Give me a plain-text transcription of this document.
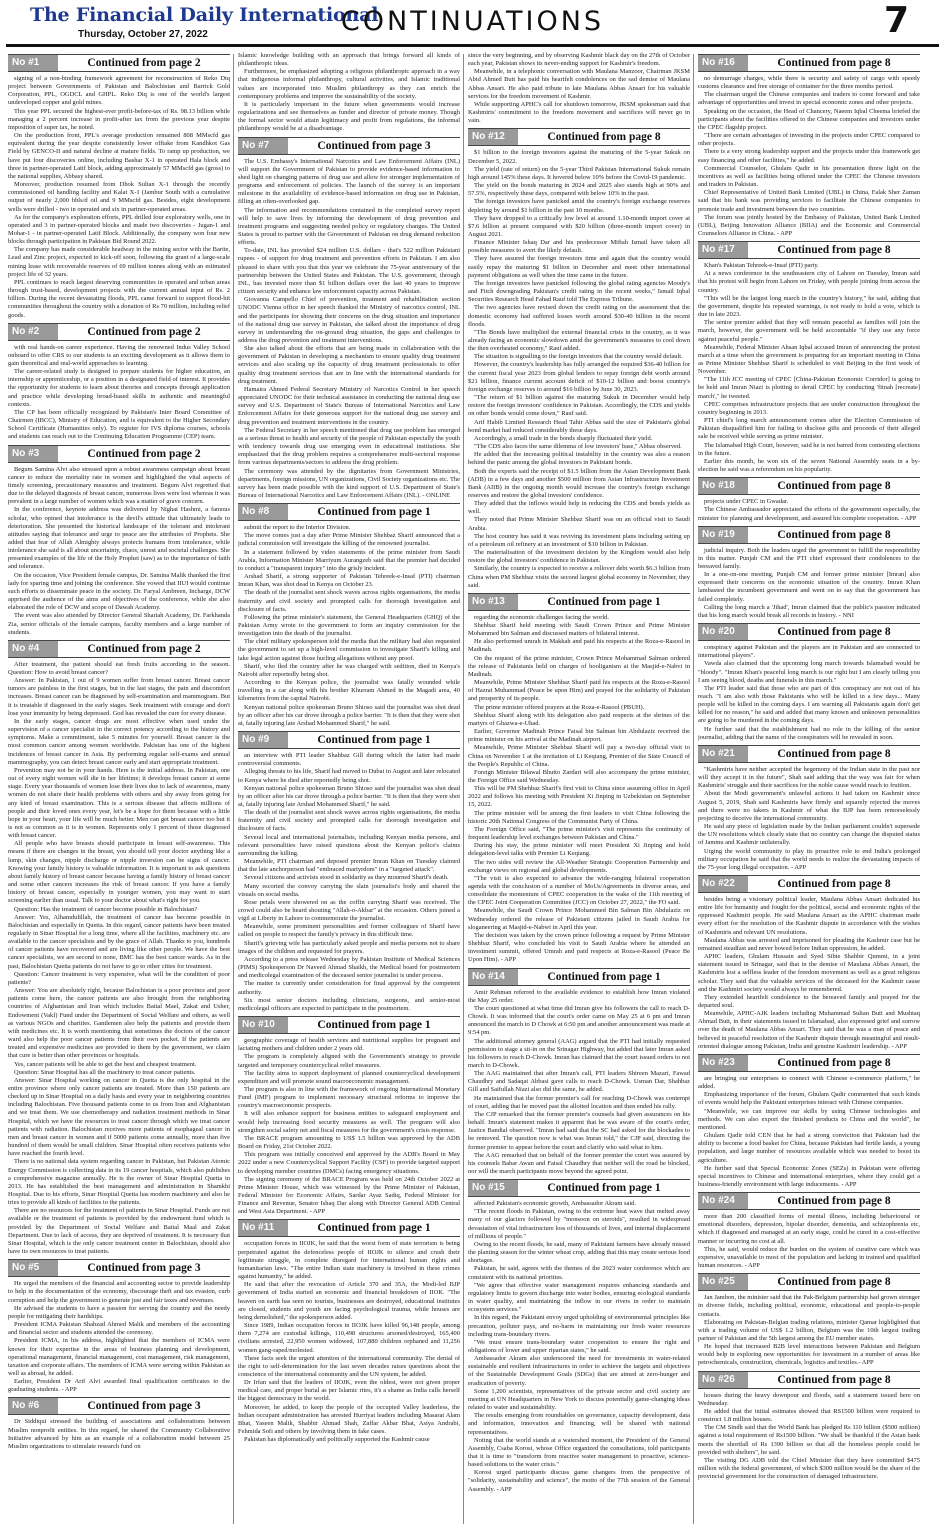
The Financial Daily International
Thursday, October 27, 2022	CONTINUATIONS	7
No #1	Continued from page 2

signing of a non-binding framework agreement for reconstruction of Reko Diq project between Governments of Pakistan and Balochistan and Barrick Gold Corporation, PPL, OGDCL and GHPL. Reko Diq is one of the world's largest undeveloped copper and gold mines.

This year PPL secured the highest-ever profit-before-tax of Rs. 98.13 billion while managing a 2 percent increase in profit-after tax from the previous year despite imposition of super tax, he noted.

On the production front, PPL's average production remained 808 MMscfd gas equivalent during the year despite consistently lower offtake from Kandhkot Gas Field by GENCO-II and natural decline at mature fields. To ramp up production, we have put four discoveries online, including Bashar X-1 in operated Hala block and three in partner-operated Latif block, adding approximately 57 MMscfd gas (gross) to the national supplies, Abbasy shared.

Moreover, production resumed from Dhok Sultan X-1 through the recently commissioned oil handling facility and Kalat X-1 (Jambur South with a cumulative output of nearly 2,000 bbls/d oil and 9 MMscfd gas. Besides, eight development wells were drilled - two in operated and six in partner-operated areas.

As for the company's exploration efforts, PPL drilled four exploratory wells, one in operated and 3 in partner-operated blocks and made two discoveries - Jugan-1 and Mohar-1 - in partner-operated Latif Block. Additionally, the company won four new blocks through participation in Pakistan Bid Round 2022.

The company has made considerable headway in the mining sector with the Barite, Lead and Zinc project, expected to kick-off soon, following the grant of a large-scale mining lease with recoverable reserves of 69 million tonnes along with an estimated project life of 32 years.

PPL continues to reach largest deserving communities in operated and urban areas through trust-based, development projects with the current annual input of Rs. 2 billion. During the recent devastating floods, PPL came forward to support flood-hit communities throughout the country with a donation of Rs 70 million, including relief goods.

No #2	Continued from page 2

with real hands-on career experience. Having the renowned Indus Valley School onboard to offer CRS to our students is an exciting development as it allows them to gain theoretical and real-world approaches to learning.

The career-related study is designed to prepare students for higher education, an internship or apprenticeship, or a position in a designated field of interest. It provides the opportunity for students to learn about theories and concepts through application and practice while developing broad-based skills in authentic and meaningful contexts.

The CP has been officially recognized by Pakistan's Inter Board Committee of Chairmen (IBCC), Ministry of Education, and is equivalent to the Higher Secondary School Certificate (Humanities only). To register for IVS diploma courses, schools and students can reach out to the Continuing Education Programme (CEP) team.

No #3	Continued from page 2

Begum Samina Alvi also stressed upon a robust awareness campaign about breast cancer to reduce the mortality rate in women and highlighted the vital aspects of timely screening, precautionary measures and treatment. Begum Alvi regretted that due to the delayed diagnosis of breast cancer, numerous lives were lost whereas it was prevalent in a large number of women which was a matter of grave concern.

In the conference, keynote address was delivered by Nighat Hashmi, a famous scholar, who opined that intolerance is the devil's attitude that ultimately leads to deterioration. She presented the historical landscape of the tolerant and intolerant attitudes saying that tolerance and urge to peace are the attributes of Prophets. She added that fear of Allah Almighty always protects humans from intolerance, while intolerance she said is all about uncertainty, chaos, unrest and societal challenges. She presented examples of the life of the Holy Prophet (saw) as to the importance of faith and tolerance.

On the occasion, Vice President female campus, Dr. Samina Malik thanked the first lady for sparing time and joining the conference. She vowed that IIUI would continue such efforts to disseminate peace in the society. Dr. Faryal Ambreen, Incharge, DCW apprised the audience of the aims and objectives of the conference, while she also elaborated the role of DCW and scope of Dawah Academy.

The event was also attended by Director General Shariah Academy, Dr. Farkhanda Zia, senior officials of the female campus, faculty members and a large number of students.

No #4	Continued from page 2

After treatment, the patient should eat fresh fruits according to the season. Question: How to avoid breast cancer?

Answer: In Pakistan, 1 out of 9 women suffer from breast cancer. Breast cancer tumors are painless in the first stages, but in the last stages, the pain and discomfort increases. Breast cancer can be diagnosed by self-examination and mammogram. But it is treatable if diagnosed in the early stages. Seek treatment with courage and don't lose your immunity by being depressed. God has revealed the cure for every disease.

In the early stages, cancer drugs are most effective when used under the supervision of a cancer specialist in the correct potency according to the history and symptoms. Make a commitment, take 5 minutes for yourself. Breast cancer is the most common cancer among women worldwide. Pakistan has one of the highest incidences of breast cancer in Asia. By performing regular self-exams and annual mammography, you can detect breast cancer early and start appropriate treatment.

Prevention may not be in your hands. Here is the initial address. In Pakistan, one out of every eight women will die in her lifetime; it develops breast cancer at some stage. Every year thousands of women lose their lives due to lack of awareness, many women do not share their health problems with others and shy away from going for any kind of breast examination. This is a serious disease that affects millions of people and their loved ones every year, let's be a hope for them because with a little hope in your heart, your life will be much better. Men can get breast cancer too but it is not as common as it is in women. Represents only 1 percent of those diagnosed with breast cancer.

All people who have breasts should participate in breast self-awareness. This means if there are changes in the breast, you should tell your doctor anything like a lump, skin changes, nipple discharge or nipple inversion can be signs of cancer. Knowing your family history is valuable information. It is important to ask questions about family history of breast cancer because having a family history of breast cancer and some other cancers increases the risk of breast cancer. If you have a family history of breast cancer, especially in younger women, you may want to start screening earlier than usual. Talk to your doctor about what's right for you.

Question: Has the treatment of cancer become possible in Balochistan?

Answer: Yes, Alhamdulillah, the treatment of cancer has become possible in Balochistan and especially in Quetta. In this regard, cancer patients have been treated regularly in Sinar Hospital for a long time, where all the facilities, machinery etc. are available to the cancer specialists and by the grace of Allah. Thanks to you, hundreds of cancer patients have recovered and are living like other people. We have the best cancer specialists, we are second to none, BMC has the best cancer wards. As in the past, Balochistan Quetta patients do not have to go to other cities for treatment.

Question: Cancer treatment is very expensive, what will be the condition of poor patients?

Answer: You are absolutely right, because Balochistan is a poor province and poor patients come here, the cancer patients are also brought from the neighboring countries of Afghanistan and Iran which includes Baital Mael, Zakat and Usher, Endowment (Vakf) Fund under the Department of Social Welfare and others, as well as various NGOs and charities. Gantlemen also help the patients and provide them with medicines etc. It is worth mentioning that sometimes the doctors of the cancer ward also help the poor cancer patients from their own pocket. If the patients are treated and expensive medicines are provided to them by the government, we claim that cure is better than other provinces or hospitals.

Yes, cancer patients will be able to get the best and cheapest treatment.

Question: Sinar Hospital has all the machinery to treat cancer patients.

Answer: Sinar Hospital working on cancer in Quetta is the only hospital in the entire province where only cancer patients are treated. More than 150 patients are checked up in Sinar Hospital on a daily basis and every year in neighboring countries including Balochistan. Five thousand patients come to us from Iran and Afghanistan and we treat them. We use chemotherapy and radiation treatment methods in Sinar Hospital, which we have the resources to treat cancer through which we treat cancer patients with radiation. Balochistan receives more patients of esophageal cancer in men and breast cancer in women and if 5000 patients come annually, more than five hundred of them would be small children. Sinar Hospital often receives patients who have reached the fourth level.

There is no national data system regarding cancer in Pakistan, but Pakistan Atomic Energy Commission is collecting data in its 19 cancer hospitals, which also publishes a comprehensive magazine annually. He is the owner of Sinar Hospital Quetta in 2013. He has established the best management and administration in Shamkhi Hospital. Due to his efforts, Sinar Hospital Quetta has modern machinery and also he tries to provide all kinds of facilities to the patients.

There are no resources for the treatment of patients in Sinar Hospital. Funds are not available or the treatment of patients is provided by the endowment fund which is provided by the Department of Social Welfare and Baital Maal and Zakat Department. Due to lack of access, they are deprived of treatment. It is necessary that Sinar Hospital, which is the only cancer treatment center in Balochistan, should also have its own resources to treat patients.

No #5	Continued from page 3

He urged the members of the financial and accounting sector to provide leadership to help in the documentation of the economy, discourage theft and tax evasion, curb corruption and help the government to generate just and fair taxes and revenues.

He advised the students to have a passion for serving the country and the needy people for mitigating their hardships.

President ICMA Pakistan Shahzad Ahmed Malik and members of the accounting and financial sector and students attended the ceremony.

President ICMA, in his address, highlighted that the members of ICMA were known for their expertise in the areas of business planning and development, operational management, financial management, cost management, risk management, taxation and corporate affairs. The members of ICMA were serving within Pakistan as well as abroad, he added.

Earlier, President Dr Arif Alvi awarded final qualification certificates to the graduating students. - APP

No #6	Continued from page 3

Dr Siddiqui stressed the building of associations and collaborations between Muslim nonprofit entities. In this regard, he shared the Community Collaborative Initiative advanced by him as an example of a collaboration model between 25 Muslim organizations to stimulate research fund on

Islamic knowledge building with an approach that brings forward all kinds of philanthropic ideas.

Furthermore, he emphasized adopting a religious philanthropic approach in a way that indigenous informal philanthropy, cultural activities, and Islamic traditional values are incorporated into Muslim philanthropy as they can enrich the contemporary problems and improve the sustainability of the society.

It is particularly important in the future when governments would increase regularizations and see themselves as funder and director of private money. Though the formal sector would attain legitimacy and profit from regulations, the informal philanthropy would be at a disadvantage.

No #7	Continued from page 3

The U.S. Embassy's International Narcotics and Law Enforcement Affairs (INL) will support the Government of Pakistan to provide evidence-based information to shed light on changing patterns of drug use and allow for stronger implementation of programs and enforcement of policies. The launch of the survey is an important milestone in the availability of evidence-based information on drug use in Pakistan, filling an often-overlooked gap.

The information and recommendations contained in the completed survey report will help to save lives by informing the development of drug prevention and treatment programs and suggesting needed policy or regulatory changes. The United States is proud to partner with the Government of Pakistan on drug demand reduction efforts.

To-date, INL has provided $24 million U.S. dollars - that's 522 million Pakistani rupees - of support for drug treatment and prevention efforts in Pakistan. I am also pleased to share with you that this year we celebrate the 75-year anniversary of the partnership between the United States and Pakistan. The U.S. government, through INL, has invested more than $1 billion dollars over the last 40 years to improve citizen security and enhance law enforcement capacity across Pakistan.

Giovanna Campello Chief of prevention, treatment and rehabilitation section UNODC Vienna office in her speech thanked the Ministry of narcotics control, INL and the participants for showing their concerns on the drug situation and importance of the national drug use survey in Pakistan, she talked about the importance of drug survey in understanding the on-ground drug situation, the gaps and challenges to address the drug prevention and treatment interventions.

She also talked about the efforts that are being made in collaboration with the government of Pakistan in developing a mechanism to ensure quality drug treatment services and also scaling up the capacity of drug treatment professionals to offer quality drug treatment services that are in line with the international standards for drug treatment.

Hamaira Ahmed Federal Secretary Ministry of Narcotics Control in her speech appreciated UNODC for their technical assistance in conducting the national drug use survey and U.S. Department of State's Bureau of International Narcotics and Law Enforcement Affairs for their generous support for the national drug use survey and drug prevention and treatment interventions in the country.

The Federal Secretary in her speech mentioned that drug use problem has emerged as a serious threat to health and security of the people of Pakistan especially the youth with tendency towards drug use emerging even in educational institutions. She emphasized that the drug problem requires a comprehensive multi-sectoral response from various departments/sectors to address the drug problem.

The ceremony was attended by the dignitaries from Government Ministries, departments, foreign missions, UN organizations, Civil Society organizations etc. The survey has been made possible with the kind support of U.S. Department of State's Bureau of International Narcotics and Law Enforcement Affairs (INL). - ONLINE

No #8	Continued from page 1

submit the report to the Interior Division.

The move comes just a day after Prime Minister Shehbaz Sharif announced that a judicial commission will investigate the killing of the renowned journalist.

In a statement followed by video statements of the prime minister from Saudi Arabia, Information Minister Marriyum Aurangzeb said that the premier had decided to conduct a "transparent inquiry" into the grisly incident.

Arshad Sharif, a strong supporter of Pakistan Tehreek-e-Insaf (PTI) chairman Imran Khan, was shot dead in Kenya on October 23.

The death of the journalist sent shock waves across rights organisations, the media fraternity and civil society and prompted calls for thorough investigation and disclosure of facts.

Following the prime minister's statement, the General Headquarters (GHQ) of the Pakistan Army wrote to the government to form an inquiry commission for the investigation into the death of the journalist.

The chief military spokesperson told the media that the military had also requested the government to set up a high-level commission to investigate Sharif's killing and take legal action against those hurling allegations without any proof.

Sharif, who fled the country after he was charged with sedition, died in Kenya's Nairobi after reportedly being shot.

According to the Kenyan police, the journalist was fatally wounded while travelling in a car along with his brother Khurram Ahmed in the Magadi area, 40 kilometres from the capital Nairobi.

Kenyan national police spokesman Bruno Shioso said the journalist was shot dead by an officer after his car drove through a police barrier. "It is then that they were shot at, fatally injuring late Arshad Mohammed Sharif," he said.

No #9	Continued from page 1

an interview with PTI leader Shahbaz Gill during which the latter had made controversial comments.

Alleging threats to his life, Sharif had moved to Dubai in August and later relocated to Kenya where he died after reportedly being shot.

Kenyan national police spokesman Bruno Shioso said the journalist was shot dead by an officer after his car drove through a police barrier. "It is then that they were shot at, fatally injuring late Arshad Mohammed Sharif," he said.

The death of the journalist sent shock waves across rights organisations, the media fraternity and civil society and prompted calls for thorough investigation and disclosure of facts.

Several local and international journalists, including Kenyan media persons, and relevant personalities have raised questions about the Kenyan police's claims surrounding the killing.

Meanwhile, PTI chairman and deposed premier Imran Khan on Tuesday claimed that the late anchorperson had "embraced martyrdom" in a "targeted attack".

Several citizens and activists stood in solidarity as they mourned Sharif's death.

Many escorted the convoy carrying the slain journalist's body and shared the visuals on social media.

Rose petals were showered on as the coffin carrying Sharif was received. The crowd could also be heard shouting "Allah-o-Akbar" at the occasion. Others joined a vigil at Liberty in Lahore to commemorate the journalist.

Meanwhile, some prominent personalities and former colleagues of Sharif have called on people to respect the family's privacy in this difficult time.

Sharif's grieving wife has particularly asked people and media persons not to share images of the children and requested for prayers.

According to a press release Wednesday by Pakistan Institute of Medical Sciences (PIMS) Spokesperson Dr Naveed Ahmad Shaikh, the Medical board for postmortem and medicolegal examination of the deceased senior journalist is under process.

The matter is currently under consideration for final approval by the competent authority.

Six most senior doctors including clinicians, surgeons, and senior-most medicolegal officers are expected to participate in the postmortem.

No #10	Continued from page 1

geographic coverage of health services and nutritional supplies for pregnant and lactating mothers and children under 2 years old.

The program is completely aligned with the Government's strategy to provide targeted and temporary countercyclical relief measures.

The facility aims to support deployment of planned countercyclical development expenditure and will promote sound macroeconomic management.

The program is also in line with the framework of ongoing International Monetary Fund (IMF) program to implement necessary structural reforms to improve the country's macroeconomic prospects.

It will also enhance support for business entities to safeguard employment and would help increasing food security measures as well. The program will also strengthen social safety net and fiscal measures for the government's crisis response.

The BRACE program amounting to US$ 1.5 billion was approved by the ADB Board on Friday, 21st October 2022.

This program was initially conceived and approved by the ADB's Board in May 2022 under a new Countercyclical Support Facility (CSF) to provide targeted support to developing member countries (DMCs) facing emergency situations.

The signing ceremony of the BRACE Program was held on 24th October 2022 at Prime Minister House, which was witnessed by the Prime Minister of Pakistan, Federal Minister for Economic Affairs, Sardar Ayaz Sadiq, Federal Minister for Finance and Revenue, Senator Ishaq Dar along with Director General ADB Central and West Asia Department. - APP

No #11	Continued from page 1

occupation forces in IIOJK, he said that the worst form of state terrorism is being perpetrated against the defenceless people of IIOJK to silence and crush their legitimate struggle, in complete disregard for international human rights and humanitarian laws. "The entire Indian state machinery is involved in these crimes against humanity," he added.

He said that after the revocation of Article 370 and 35A, the Modi-led BJP government of India started an economic and financial breakdown of IIOK. "The heaven on earth has seen no tourists, businesses are destroyed, educational institutes are closed, students and youth are facing psychological trauma, while houses are being demolished," the spokesperson added.

Since 1989, Indian occupation forces in IIOJK have killed 96,148 people, among them 7,274 are custodial killings, 110,498 structures arsoned/destroyed, 165,400 civilians arrested, 22,950 women widowed, 107,880 children orphaned and 11,256 women gang-raped/molested.

These facts seek the urgent attention of the international community. The denial of the right to self-determination for the last seven decades raises questions about the conscience of the international community and the UN system, he added.

Dr Irfan said that the leaders of IIOJK, even the oldest, were not given proper medical care, and proper burial as per Islamic rites, it's a shame as India calls herself the biggest democracy in the world.

Moreover, he added, to keep the people of the occupied Valley leaderless, the Indian occupant administration has arrested Hurriyat leaders including Masarat Alam Bhat, Yaseen Malik, Shabbir Ahmad Shah, Zaffar Akbar Bhat, Asiya Andrabi, Fehmida Sofi and others by involving them in fake cases.

Pakistan has diplomatically and politically supported the Kashmir cause

since the very beginning, and by observing Kashmir black day on the 27th of October each year, Pakistan shows its never-ending support for Kashmir's freedom.

Meanwhile, in a telephonic conversation with Maulana Manzoor, Chairman JKSM Abid Ahmed Butt has paid his heartfelt condolences on the sad demise of Maulana Abbas Ansari. He also paid tribute to late Maulana Abbas Ansari for his valuable services for the freedom movement of Kashmir.

While supporting APHC's call for shutdown tomorrow, JKSM spokesman said that Kashmiris' commitment to the freedom movement and sacrifices will never go in vain.

No #12	Continued from page 8

$1 billion to the foreign investors against the maturing of the 5-year Sukuk on December 5, 2022.

The yield (rate of return) on the 5-year Third Pakistan International Sukuk remain high around 145% these days. It hovered below 10% before the Covid-19 pandemic.

The yield on the bonds maturing in 2024 and 2025 also stands high at 90% and 57.5%, respectively these days, compared with below 10% in the past.

The foreign investors have panicked amid the country's foreign exchange reserves depleting by around $1 billion in the past 10 months.

They have dropped to a critically low level at around 1.10-month import cover at $7.6 billion at present compared with $20 billion (three-month import cover) in August 2021.

Finance Minister Ishaq Dar and his predecessor Miftah Ismail have taken all possible measures to avert the likely default.

They have assured the foreign investors time and again that the country would easily repay the maturing $1 billion in December and meet other international payment obligations as well when the time came in the future.

The foreign investors have panicked following the global rating agencies Moody's and Fitch downgrading Pakistan's credit rating in the recent weeks," Ismail Iqbal Securities Research Head Fahad Rauf told The Express Tribune.

The two agencies have revised down the credit rating on the assessment that the domestic economy had suffered losses worth around $30-40 billion in the recent floods.

"The Bonds have multiplied the external financial crisis in the country, as it was already facing an economic slowdown amid the government's measures to cool down the then overheated economy," Rauf added.

The situation is signalling to the foreign investors that the country would default.

However, the country's leadership has fully arranged the required $36-40 billion for the current fiscal year 2023 from global lenders to repay foreign debt worth around $21 billion, finance current account deficit of $10-12 billion and boost country's foreign exchange reserves to around $16 billion by June 30, 2023.

"The return of $1 billion against the maturing Sukuk in December would help restore the foreign investors' confidence in Pakistan. Accordingly, the CDS and yields on other bonds would come down," Rauf said.

Arif Habib Limited Research Head Tahir Abbas said the size of Pakistan's global bond market had reduced considerably these days.

Accordingly, a small trade in the bonds sharply fluctuated their yield.

"The CDS also faces the same dilemma of low investors' base," Abbas observed.

He added that the increasing political instability in the country was also a reason behind the panic among the global investors in Pakistani bonds.

Both the experts said the receipt of $1.5 billion from the Asian Development Bank (ADB) in a few days and another $500 million from Asian Infrastructure Investment Bank (AIIB) in the ongoing month would increase the country's foreign exchange reserves and restore the global investors' confidence.

They added that the inflows would help in reducing the CDS and bonds yields as well.

They noted that Prime Minister Shehbaz Sharif was on an official visit to Saudi Arabia.

The host country has said it was reviving its investment plans including setting up of a petroleum oil refinery at an investment of $10 billion in Pakistan.

The materialisation of the investment decision by the Kingdom would also help restore the global investors' confidence in Pakistan.

Similarly, the country is expected to receive a rollover debt worth $6.3 billion from China when PM Shehbaz visits the second largest global economy in November, they said.

No #13	Continued from page 1

regarding the economic challenges facing the world.

Shehbaz Sharif held meeting with Saudi Crown Prince and Prime Minister Mohammed bin Salman and discussed matters of bilateral interest.

He also performed umrah in Makkah and paid his respects at the Roza-e-Rasool in Madinah.

On the request of the prime minister, Crown Prince Mohammad Salman ordered the release of Pakistanis held on charges of hooliganism at the Masjid-e-Nabvi in Madinah.

Meanwhile, Prime Minister Shehbaz Sharif paid his respects at the Roza-e-Rasool of Hazrat Muhammad (Peace be upon Him) and prayed for the solidarity of Pakistan and prosperity of its people.

The prime minister offered prayers at the Roza-e-Rasool (PBUH).

Shehbaz Sharif along with his delegation also paid respects at the shrines of the martyrs of Ghazwa-e-Uhad.

Earlier, Governor Madinah Prince Faisal bin Salman bin Abdulaziz received the prime minister on his arrival at the Madinah airport.

Meanwhile, Prime Minister Shehbaz Sharif will pay a two-day official visit to China on November 1 at the invitation of Li Keqiang, Premier of the State Council of the People's Republic of China.

Foreign Minister Bilawal Bhutto Zardari will also accompany the prime minister, the Foreign Office said Wednesday.

This will be PM Shehbaz Sharif's first visit to China since assuming office in April 2022 and follows his meeting with President Xi Jinping in Uzbekistan on September 15, 2022.

The prime minister will be among the first leaders to visit China following the historic 20th National Congress of the Communist Party of China.

The Foreign Office said, "The prime minister's visit represents the continuity of frequent leadership level exchanges between Pakistan and China."

During his stay, the prime minister will meet President Xi Jinping and hold delegation-level talks with Premier Li Keqiang.

The two sides will review the All-Weather Strategic Cooperation Partnership and exchange views on regional and global developments.

"The visit is also expected to advance the wide-ranging bilateral cooperation agenda with the conclusion of a number of MoUs/Agreements in diverse areas, and consolidate the momentum of CPEC cooperation in the wake of the 11th meeting of the CPEC Joint Cooperation Committee (JCC) on October 27, 2022," the FO said.

Meanwhile, the Saudi Crown Prince Mohammed Bin Salman Bin Abdulaziz on Wednesday ordered the release of Pakistani citizens jailed in Saudi Arabia for sloganeering at Masjid-e-Nabwi in April this year.

The decision was taken by the crown prince following a request by Prime Minister Shehbaz Sharif, who concluded his visit to Saudi Arabia where he attended an investment summit, offered Umrah and paid respects at Roza-e-Rasool (Peace Be Upon Him). - APP

No #14	Continued from page 1

Amir Rehman referred to the available evidence to establish how Imran violated the May 25 order.

The court questioned at what time did Imran give his followers the call to reach D-Chowk. It was informed that the court's order came on May 25 at 6 pm and Imran announced the march to D Chowk at 6:50 pm and another announcement was made at 9:54 pm.

The additional attorney general (AAG) argued that the PTI had initially requested permission to stage a sit-in on the Srinagar Highway, but added that later Imran asked his followers to reach D-Chowk. Imran has claimed that the court issued orders to not march to D-Chowk.

The AAG maintained that after Imran's call, PTI leaders Shireen Mazari, Fawad Chaudhry and Sadaqat Abbasi gave calls to reach D-Chowk. Usman Dar, Shahbaz Gill and Saifullah Niazi also did the same, he added.

He maintained that the former premier's call for reaching D-Chowk was contempt of court, adding that he moved past the allotted location and then ended his rally.

The CJP remarked that the former premier's counsels had given assurances on his behalf. Imran's statement makes it apparent that he was aware of the court's order, Justice Bandial observed. "Imran had said that the SC had asked for the blockades to be removed. The question now is what was Imran told," the CJP said, directing the former premier to appear before the court and clarify who said what to him.

The AAG remarked that on behalf of the former premier the court was assured by his counsels Babar Awan and Faisal Chaudhry that neither will the road be blocked, nor will the march participants move beyond the agreed point.

No #15	Continued from page 1

affected Pakistan's economic growth, Ambassador Akram said.

"The recent floods in Pakistan, owing to the extreme heat wave that melted away many of our glaciers followed by "monsoon on steroids", resulted in widespread devastation of vital infrastructure loss of thousands of lives, and internal displacement of millions of people."

Owing to the recent floods, he said, many of Pakistani farmers have already missed the planting season for the winter wheat crop, adding that this may create serious food shortages.

Pakistan, he said, agrees with the themes of the 2023 water conference which are consistent with its national priorities.

"We agree that effective water management requires enhancing standards and regulatory limits to govern discharge into water bodies, ensuring ecological standards in water quality, and maintaining the inflow in our rivers in order to maintain ecosystem services."

In this regard, the Pakistani envoy urged upholding of environmental principles like precaution, polluter pays, and no-harm in maintaining our fresh water resources including trans-boundary rivers.

"We must ensure trans-boundary water cooperation to ensure the right and obligations of lower and upper riparian states," he said.

Ambassador Akram also underscored the need for investments in water-related sustainable and resilient infrastructures in order to achieve the targets and objectives of the Sustainable Development Goals (SDGs) that are aimed at zero-hunger and eradication of poverty.

Some 1,200 scientists, representatives of the private sector and civil society are meeting at UN Headquarters in New York to discuss potentially game-changing ideas related to water and sustainability.

The results emerging from roundtables on governance, capacity development, data and information, innovation and financing, will be shared with national representatives.

Noting that the world stands at a watershed moment, the President of the General Assembly, Csaba Korosi, whose Office organized the consultations, told participants that it is time to "transform from reactive water management to proactive, science-based solutions to the water crisis."

Korosi urged participants discuss game changers from the perspective of "solidarity, sustainability and science", the motto of the 77th session of the General Assembly. - APP

No #16	Continued from page 8

no demurrage charges, while there is security and safety of cargo with speedy customs clearance and free storage of container for the three months period.

The chairman urged the Chinese companies and traders to come forward and take advantage of opportunities and invest in special economic zones and other projects.

Speaking on the occasion, the Head of Chancery, Naeem Iqbal Cheema briefed the participants about the facilities offered to the Chinese companies and investors under the CPEC flagship project.

"There are certain advantages of investing in the projects under CPEC compared to other projects.

There is a very strong leadership support and the projects under this framework get easy financing and other facilities," he added.

Commercial Counselor, Ghulam Qadir in his presentation threw light on the incentives as well as facilities being offered under the CPEC the Chinese investors and traders in Pakistan.

Chief Representative of United Bank Limited (UBL) in China, Falak Sher Zaman said that his bank was providing services to facilitate the Chinese companies to promote trade and investment between the two countries.

The forum was jointly hosted by the Embassy of Pakistan, United Bank Limited (UBL), Beijing Innovation Alliance (BIIA) and the Economic and Commercial Counselors Alliance in China. - APP

No #17	Continued from page 8

Khan's Pakistan Tehreek-e-Insaf (PTI) party.

At a news conference in the southeastern city of Lahore on Tuesday, Imran said that his protest will begin from Lahore on Friday, with people joining from across the country.

"This will be the largest long march in the country's history," he said, adding that the government, despite his repeated warnings, is not ready to hold a vote, which is due in late 2023.

The senior premier added that they will remain peaceful as families will join the march, however, the government will be held accountable "if they use any force against peaceful people."

Meanwhile, Federal Minister Ahsan Iqbal accused Imran of announcing the protest march at a time when the government is preparing for an important meeting in China as Prime Minister Shehbaz Sharif is scheduled to visit Beijing in the first week of November.

"The 11th JCC meeting of CPEC [China-Pakistan Economic Corridor] is going to be held and Imran Niazi is plotting to derail CPEC by conducting 'fitnah [recreate] march'," he tweeted.

CPEC comprises infrastructure projects that are under construction throughout the country beginning in 2013.

PTI chief's long march announcement comes after the Election Commission of Pakistan disqualified him for failing to disclose gifts and proceeds of their alleged sale he received while serving as prime minister.

The Islamabad High Court, however, said he is not barred from contesting elections in the future.

Earlier this month, he won six of the seven National Assembly seats in a by-election he said was a referendum on his popularity.

No #18	Continued from page 8

projects under CPEC in Gwadar.

The Chinese Ambassador appreciated the efforts of the government especially, the minister for planning and development, and assured his complete cooperation. - APP

No #19	Continued from page 8

judicial inquiry. Both the leaders urged the government to fulfill the responsibility in this matter. Punjab CM and the PTI chief expressed their condolences to the bereaved family.

In a one-on-one meeting, Punjab CM and former prime minister [Imran] also expressed their concerns on the economic situation of the country. Imran Khan lambasted the incumbent government and went on to say that the government has failed completely.

Calling the long march a 'Jihad', Imran claimed that the public's passion indicated that his long march would break all records in history. - NNI

No #20	Continued from page 8

conspiracy against Pakistan and the players are in Pakistan and are connected to international players".

Vawda also claimed that the upcoming long march towards Islamabad would be "bloody". "Imran Khan's peaceful long march is our right but I am clearly telling you I am seeing blood, deaths and funerals in this march."

The PTI leader said that those who are part of this conspiracy are not out of his reach. "I am also with those Pakistanis who will be killed in a few days... Many people will be killed in the coming days. I am warning all Pakistanis again don't get killed for no reason," he said and added that many known and unknown personalities are going to be murdered in the coming days.

He further said that the establishment had no role in the killing of the senior journalist, adding that the name of the conspirators will be revealed in soon.

No #21	Continued from page 8

"Kashmiris have neither accepted the hegemony of the Indian state in the past nor will they accept it in the future", Shah said adding that the way was fair for when Kashmiris' struggle and their sacrifices for the noble cause would reach to fruition.

About the Modi government's unlawful actions it had taken on Kashmir since August 5, 2019, Shah said Kashmiris have firmly and squarely rejected the moves and there were no takers in Kashmir of what the BJP has been remorselessly projecting to deceive the international community.

He said any piece of legislation made by the Indian parliament couldn't supersede the UN resolutions which clearly state that no country can change the disputed status of Jammu and Kashmir unilaterally.

Urging the world community to play its proactive role to end India's prolonged military occupation he said that the world needs to realize the devastating impacts of the 75-year long illegal occupation. - APP

No #22	Continued from page 8

besides being a visionary political leader, Maulana Abbas Ansari dedicated his entire life for humanity and fought for the political, social and economic rights of the oppressed Kashmiri people. He said Maulana Ansari as the APHC chairman made every effort for the resolution of the Kashmir dispute in accordance with the wishes of Kashmiris and relevant UN resolutions.

Maulana Abbas was arrested and imprisoned for pleading the Kashmir case but he remained steadfast and never bowed before Indian oppression, he added.

APHC leaders, Ghulam Hussain and Syed Sibte Shabbir Qummi, in a joint statement issued in Srinagar, said that in the demise of Maulana Abbas Ansari, the Kashmiris lost a selfless leader of the freedom movement as well as a great religious scholar. They said that the valuable services of the deceased for the Kashmir cause and the Kashmiri society would always be remembered.

They extended heartfelt condolence to the bereaved family and prayed for the departed soul.

Meanwhile, APHC-AJK leaders including Muhammad Sultan Butt and Mushtaq Ahmad Butt, in their statements issued in Islamabad, also expressed grief and sorrow over the death of Maulana Abbas Ansari. They said that he was a man of peace and believed in peaceful resolution of the Kashmir dispute through meaningful and result-oriented dialogue among Pakistan, India and genuine Kashmiri leadership. - APP

No #23	Continued from page 8

are bringing our enterprises to connect with Chinese e-commerce platform," he added.

Emphasizing importance of the forum, Ghulam Qadir commented that such kinds of events would help the Pakistani enterprises interact with Chinese companies.

"Meanwhile, we can improve our skills by using Chinese technologies and methods. We can also export the finished products to China and the world", he mentioned.

Ghulam Qadir told CEN that he had a strong conviction that Pakistan had the ability to become a food basket for China, because Pakistan had fertile lands, a young population, and large number of resources available which was needed to boost its agriculture.

He further said that Special Economic Zones (SEZs) in Pakistan were offering special incentives to Chinese and international enterprises, where they could get a business-friendly environment with large inducements. - APP

No #24	Continued from page 8

more than 200 classified forms of mental illness, including behavioural or emotional disorders, depression, bipolar disorder, dementia, and schizophrenia etc, which if diagnosed and managed at an early stage, could be cured in a cost-effective manner or incurring no cost at all.

This, he said, would reduce the burden on the system of curative care which was expensive, unavailable to most of the population and lacking in trained and qualified human resources. - APP

No #25	Continued from page 8

Jan Jambon, the minister said that the Pak-Belgium partnership had grown stronger in diverse fields, including political, economic, educational and people-to-people contacts.

Elaborating on Pakistan-Belgian trading relations, minister Qamar highlighted that with a trading volume of US$ 1.2 billion, Belgium was the 10th largest trading partner of Pakistan and the 5th largest among the EU member states.

He hoped that increased B2B level interactions between Pakistan and Belgium would help in exploring new opportunities for investment in a number of areas like petrochemicals, construction, chemicals, logistics and textiles.- APP

No #26	Continued from page 8

houses during the heavy downpour and floods, said a statement issued here on Wednesday.

He added that the initial estimates showed that RS1500 billion were required to construct 1.8 million houses.

The CM Sindh said that the World Bank has pledged Rs 110 billion ($500 million) against a total requirement of Rs1500 billion. "We shall be thankful if the Asian bank meets the shortfall of Rs 1390 billion so that all the homeless people could be provided with shelters", he said.

The visiting DG ADB told the Chief Minister that they have committed $475 million with the federal government, of which $300 million would be the share of the provincial government for the construction of damaged infrastructure.
